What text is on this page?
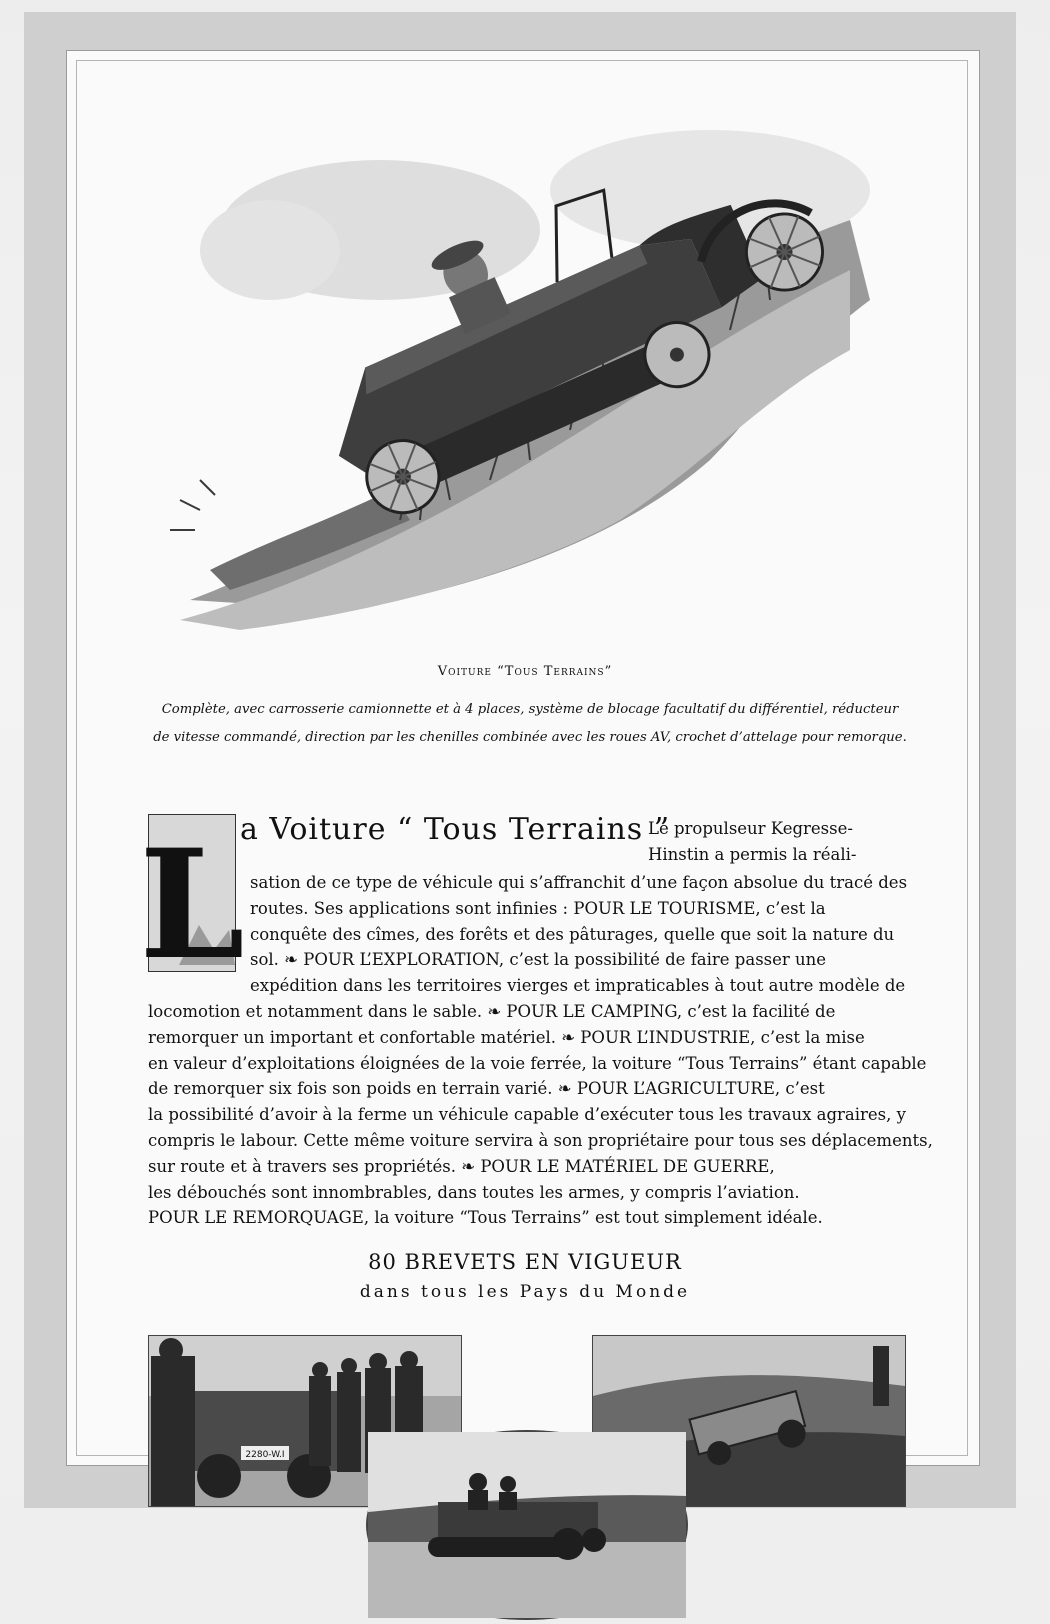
Voiture “Tous Terrains”
Complète, avec carrosserie camionnette et à 4 places, système de blocage facultatif du différentiel, réducteur
de vitesse commandé, direction par les chenilles combinée avec les roues AV, crochet d’attelage pour remorque.
L
a Voiture “ Tous Terrains ”
Le propulseur Kegresse-
Hinstin a permis la réali-
sation de ce type de véhicule qui s’affranchit d’une façon absolue du tracé des
routes. Ses applications sont infinies : POUR LE TOURISME, c’est la
conquête des cîmes, des forêts et des pâturages, quelle que soit la nature du
sol. ❧ POUR L’EXPLORATION, c’est la possibilité de faire passer une
expédition dans les territoires vierges et impraticables à tout autre modèle de
locomotion et notamment dans le sable. ❧ POUR LE CAMPING, c’est la facilité de
remorquer un important et confortable matériel. ❧ POUR L’INDUSTRIE, c’est la mise
en valeur d’exploitations éloignées de la voie ferrée, la voiture “Tous Terrains” étant capable
de remorquer six fois son poids en terrain varié. ❧ POUR L’AGRICULTURE, c’est
la possibilité d’avoir à la ferme un véhicule capable d’exécuter tous les travaux agraires, y
compris le labour. Cette même voiture servira à son propriétaire pour tous ses déplacements,
sur route et à travers ses propriétés. ❧ POUR LE MATÉRIEL DE GUERRE,
les débouchés sont innombrables, dans toutes les armes, y compris l’aviation.
POUR LE REMORQUAGE, la voiture “Tous Terrains” est tout simplement idéale.
80 BREVETS EN VIGUEUR
dans tous les Pays du Monde
2280-W.I
